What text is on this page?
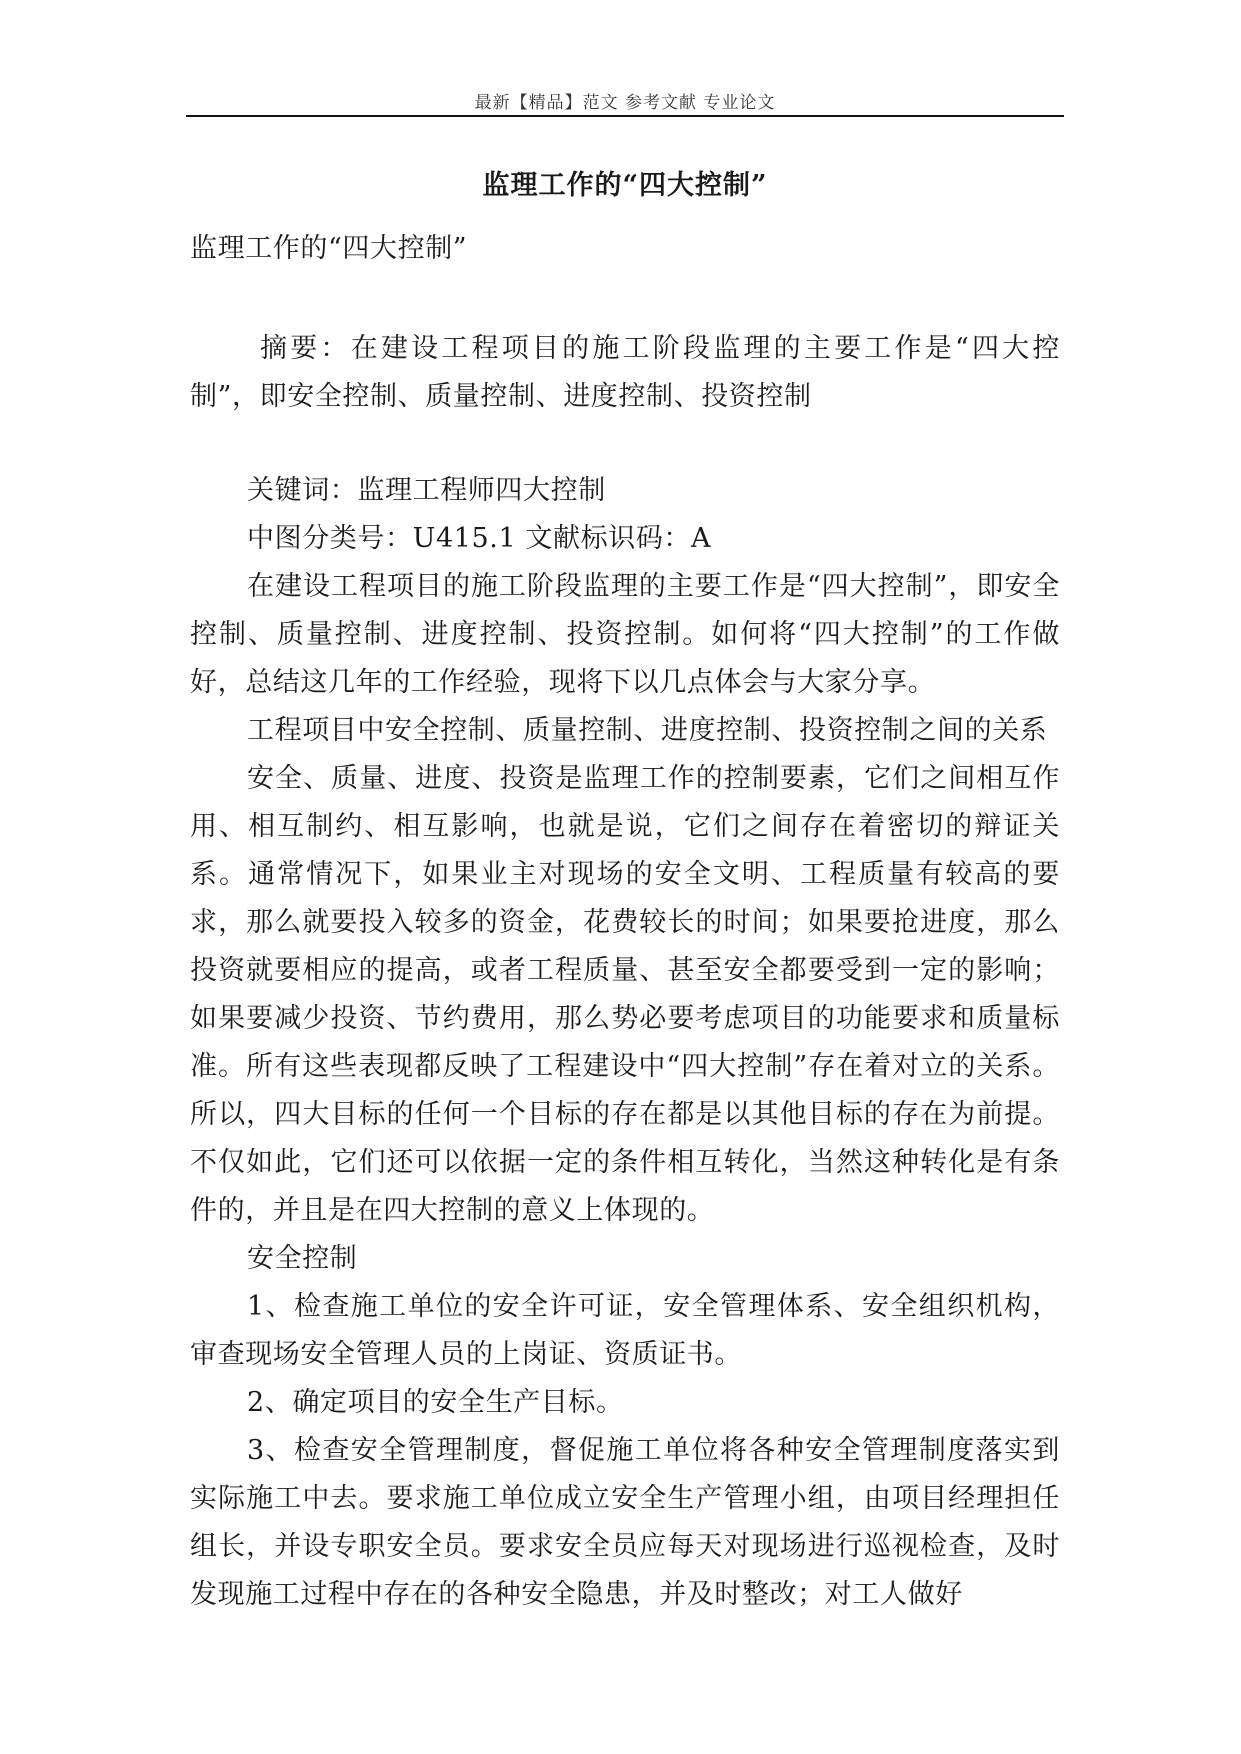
最新【精品】范文 参考文献 专业论文
监理工作的“四大控制”

监理工作的“四大控制”

摘要：在建设工程项目的施工阶段监理的主要工作是“四大控制”，即安全控制、质量控制、进度控制、投资控制

关键词：监理工程师四大控制

中图分类号：U415.1 文献标识码：A

在建设工程项目的施工阶段监理的主要工作是“四大控制”，即安全控制、质量控制、进度控制、投资控制。如何将“四大控制”的工作做好，总结这几年的工作经验，现将下以几点体会与大家分享。

工程项目中安全控制、质量控制、进度控制、投资控制之间的关系

安全、质量、进度、投资是监理工作的控制要素，它们之间相互作用、相互制约、相互影响，也就是说，它们之间存在着密切的辩证关系。通常情况下，如果业主对现场的安全文明、工程质量有较高的要求，那么就要投入较多的资金，花费较长的时间；如果要抢进度，那么投资就要相应的提高，或者工程质量、甚至安全都要受到一定的影响；如果要减少投资、节约费用，那么势必要考虑项目的功能要求和质量标准。所有这些表现都反映了工程建设中“四大控制”存在着对立的关系。所以，四大目标的任何一个目标的存在都是以其他目标的存在为前提。不仅如此，它们还可以依据一定的条件相互转化，当然这种转化是有条件的，并且是在四大控制的意义上体现的。

安全控制

1、检查施工单位的安全许可证，安全管理体系、安全组织机构，审查现场安全管理人员的上岗证、资质证书。

2、确定项目的安全生产目标。

3、检查安全管理制度，督促施工单位将各种安全管理制度落实到实际施工中去。要求施工单位成立安全生产管理小组，由项目经理担任组长，并设专职安全员。要求安全员应每天对现场进行巡视检查，及时发现施工过程中存在的各种安全隐患，并及时整改；对工人做好
